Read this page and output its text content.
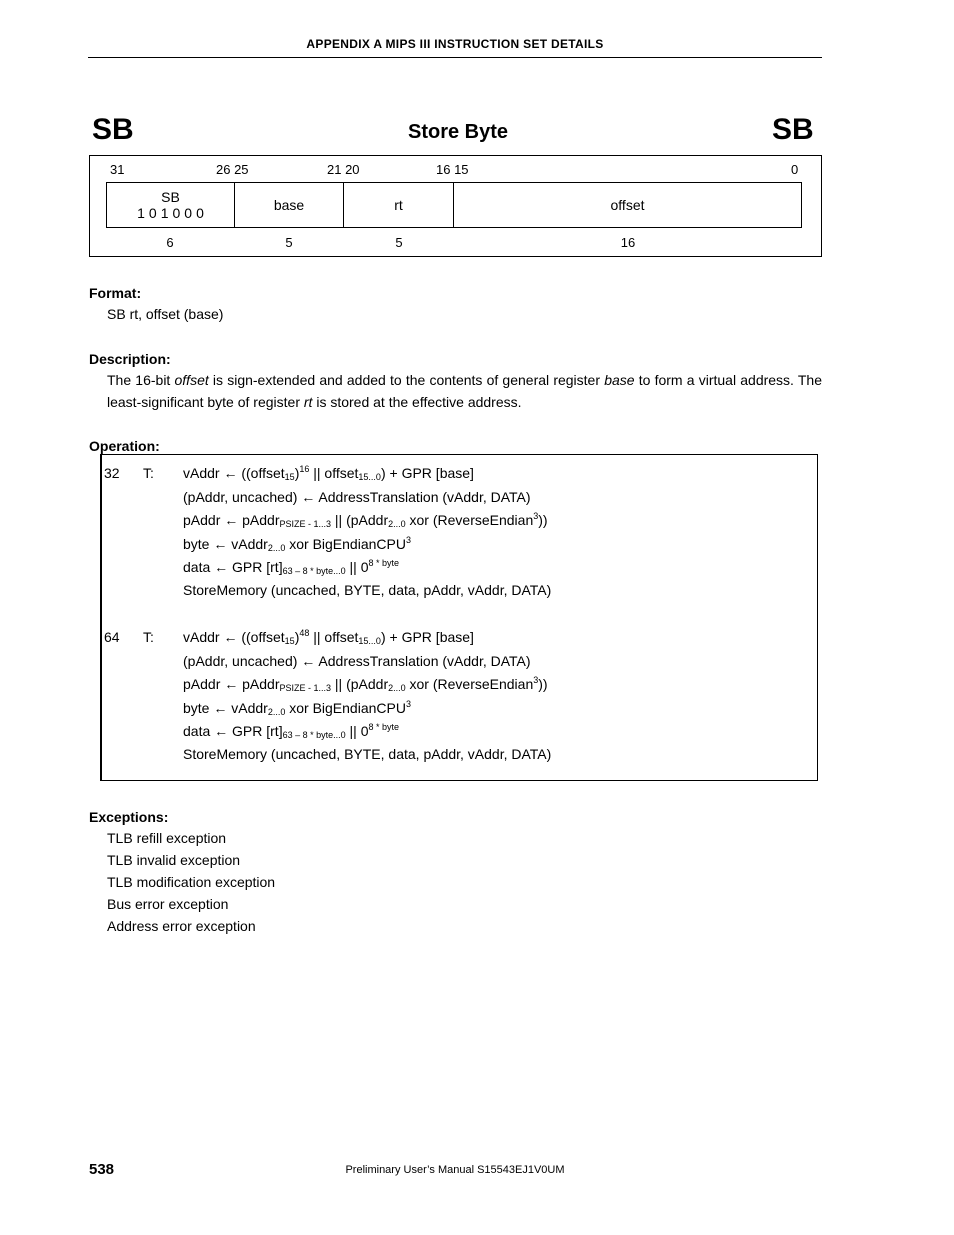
APPENDIX A MIPS III INSTRUCTION SET DETAILS
SB	Store Byte	SB
31	26 25	21 20	16 15	0
SB
101000	base	rt	offset
6	5	5	16
Format:
SB rt, offset (base)
Description:
The 16-bit offset is sign-extended and added to the contents of general register base to form a virtual address. The least-significant byte of register rt is stored at the effective address.
Operation:
32 T: vAddr ← ((offset$_{15}$)$^{16}$ || offset$_{15...0}$) + GPR [base]
(pAddr, uncached) ← AddressTranslation (vAddr, DATA)
pAddr ← pAddr$_{PSIZE - 1...3}$ || (pAddr$_{2...0}$ xor (ReverseEndian$^3$))
byte ← vAddr$_{2...0}$ xor BigEndianCPU$^3$
data ← GPR $[rt]_{63 - 8 * byte...0}$ || $0^{8 * byte}$
StoreMemory (uncached, BYTE, data, pAddr, vAddr, DATA)
64 T: vAddr ← ((offset$_{15}$)$^{48}$ || offset$_{15...0}$) + GPR [base]
(pAddr, uncached) ← AddressTranslation (vAddr, DATA)
pAddr ← pAddr$_{PSIZE - 1...3}$ || (pAddr$_{2...0}$ xor (ReverseEndian$^3$))
byte ← vAddr$_{2...0}$ xor BigEndianCPU$^3$
data ← GPR $[rt]_{63 - 8 * byte...0}$ || $0^{8 * byte}$
StoreMemory (uncached, BYTE, data, pAddr, vAddr, DATA)
Exceptions:
TLB refill exception
TLB invalid exception
TLB modification exception
Bus error exception
Address error exception
538	Preliminary User’s Manual S15543EJ1V0UM
